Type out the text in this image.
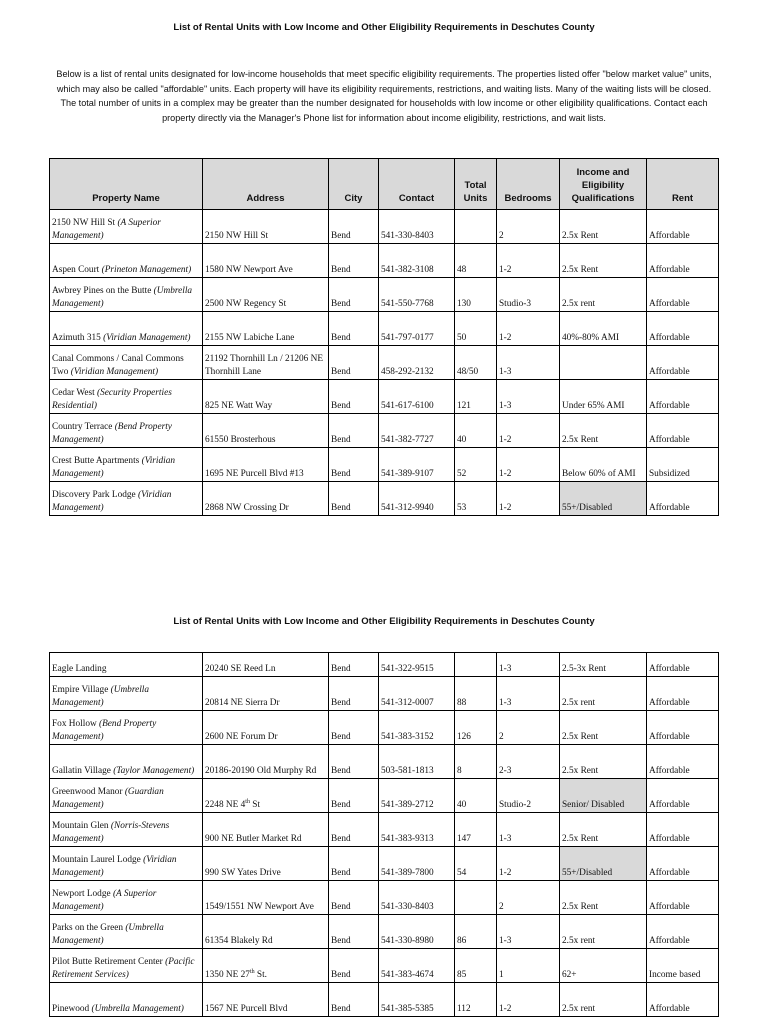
List of Rental Units with Low Income and Other Eligibility Requirements in Deschutes County
Below is a list of rental units designated for low-income households that meet specific eligibility requirements. The properties listed offer "below market value" units, which may also be called "affordable" units. Each property will have its eligibility requirements, restrictions, and waiting lists. Many of the waiting lists will be closed. The total number of units in a complex may be greater than the number designated for households with low income or other eligibility qualifications. Contact each property directly via the Manager's Phone list for information about income eligibility, restrictions, and wait lists.
Property Name	Address	City	Contact	Total Units	Bedrooms	Income and Eligibility Qualifications	Rent
2150 NW Hill St (A Superior Management)	2150 NW Hill St	Bend	541-330-8403		2	2.5x Rent	Affordable
Aspen Court (Prineton Management)	1580 NW Newport Ave	Bend	541-382-3108	48	1-2	2.5x Rent	Affordable
Awbrey Pines on the Butte (Umbrella Management)	2500 NW Regency St	Bend	541-550-7768	130	Studio-3	2.5x rent	Affordable
Azimuth 315 (Viridian Management)	2155 NW Labiche Lane	Bend	541-797-0177	50	1-2	40%-80% AMI	Affordable
Canal Commons / Canal Commons Two (Viridian Management)	21192 Thornhill Ln / 21206 NE Thornhill Lane	Bend	458-292-2132	48/50	1-3		Affordable
Cedar West (Security Properties Residential)	825 NE Watt Way	Bend	541-617-6100	121	1-3	Under 65% AMI	Affordable
Country Terrace (Bend Property Management)	61550 Brosterhous	Bend	541-382-7727	40	1-2	2.5x Rent	Affordable
Crest Butte Apartments (Viridian Management)	1695 NE Purcell Blvd #13	Bend	541-389-9107	52	1-2	Below 60% of AMI	Subsidized
Discovery Park Lodge (Viridian Management)	2868 NW Crossing Dr	Bend	541-312-9940	53	1-2	55+/Disabled	Affordable
List of Rental Units with Low Income and Other Eligibility Requirements in Deschutes County
Eagle Landing	20240 SE Reed Ln	Bend	541-322-9515		1-3	2.5-3x Rent	Affordable
Empire Village (Umbrella Management)	20814 NE Sierra Dr	Bend	541-312-0007	88	1-3	2.5x rent	Affordable
Fox Hollow (Bend Property Management)	2600 NE Forum Dr	Bend	541-383-3152	126	2	2.5x Rent	Affordable
Gallatin Village (Taylor Management)	20186-20190 Old Murphy Rd	Bend	503-581-1813	8	2-3	2.5x Rent	Affordable
Greenwood Manor (Guardian Management)	2248 NE 4th St	Bend	541-389-2712	40	Studio-2	Senior/ Disabled	Affordable
Mountain Glen (Norris-Stevens Management)	900 NE Butler Market Rd	Bend	541-383-9313	147	1-3	2.5x Rent	Affordable
Mountain Laurel Lodge (Viridian Management)	990 SW Yates Drive	Bend	541-389-7800	54	1-2	55+/Disabled	Affordable
Newport Lodge (A Superior Management)	1549/1551 NW Newport Ave	Bend	541-330-8403		2	2.5x Rent	Affordable
Parks on the Green (Umbrella Management)	61354 Blakely Rd	Bend	541-330-8980	86	1-3	2.5x rent	Affordable
Pilot Butte Retirement Center (Pacific Retirement Services)	1350 NE 27th St.	Bend	541-383-4674	85	1	62+	Income based
Pinewood (Umbrella Management)	1567 NE Purcell Blvd	Bend	541-385-5385	112	1-2	2.5x rent	Affordable
